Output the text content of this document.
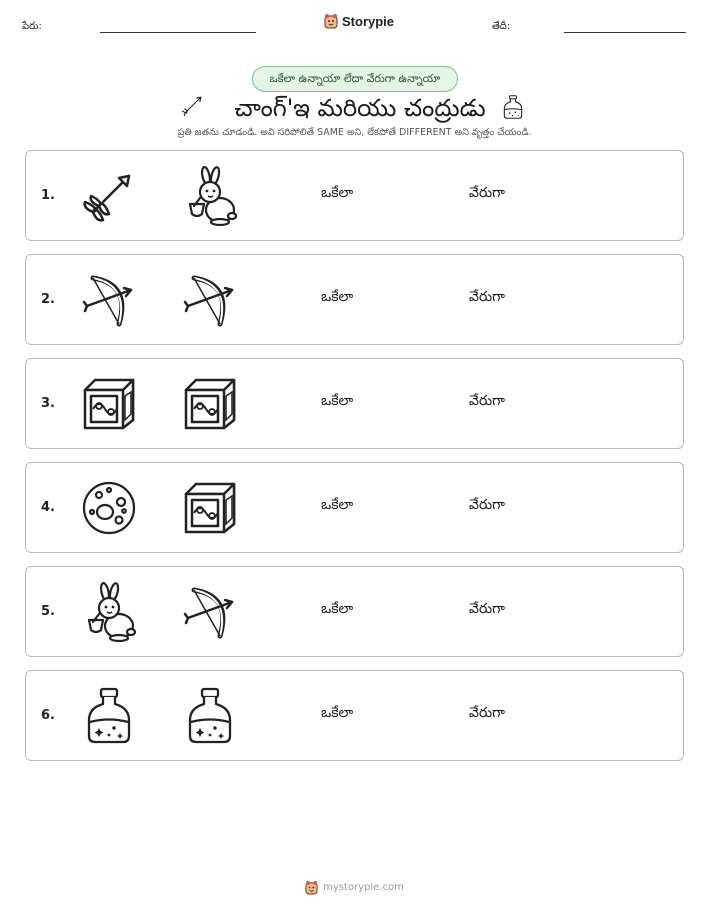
పేరు:	Storypie	తేదీ:
ఒకేలా ఉన్నాయా లేదా వేరుగా ఉన్నాయా
చాంగ్'ఇ మరియు చంద్రుడు
ప్రతి జతను చూడండి. అవి సరిపోలితే SAME అని, లేకపోతే DIFFERENT అని వృత్తం చేయండి.
1.	ఒకేలా	వేరుగా
2.	ఒకేలా	వేరుగా
3.	ఒకేలా	వేరుగా
4.	ఒకేలా	వేరుగా
5.	ఒకేలా	వేరుగా
6.	ఒకేలా	వేరుగా
mystorypie.com
